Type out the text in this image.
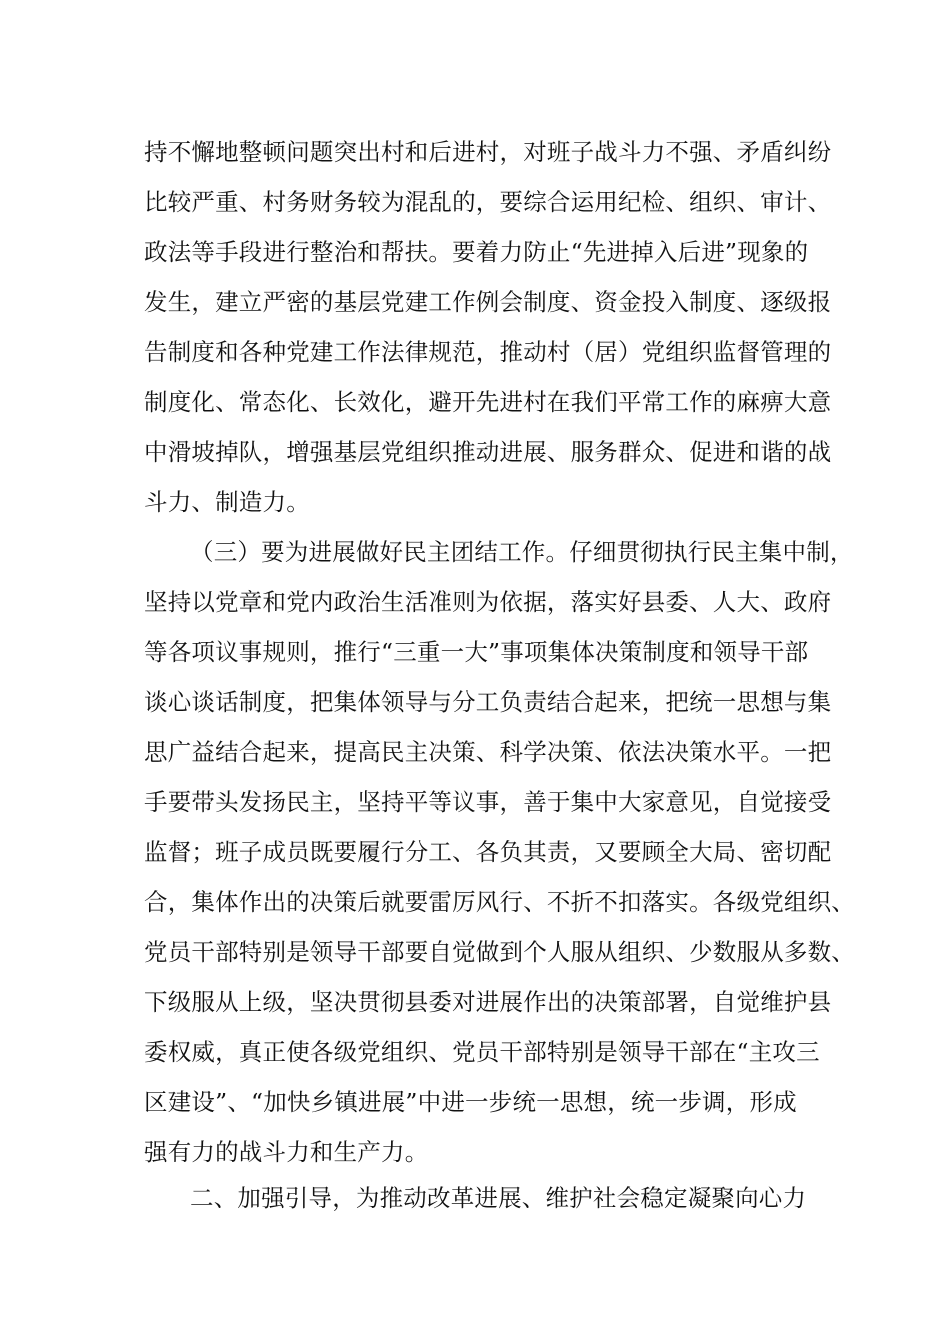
持不懈地整顿问题突出村和后进村，对班子战斗力不强、矛盾纠纷
比较严重、村务财务较为混乱的，要综合运用纪检、组织、审计、
政法等手段进行整治和帮扶。要着力防止“先进掉入后进”现象的
发生，建立严密的基层党建工作例会制度、资金投入制度、逐级报
告制度和各种党建工作法律规范，推动村（居）党组织监督管理的
制度化、常态化、长效化，避开先进村在我们平常工作的麻痹大意
中滑坡掉队，增强基层党组织推动进展、服务群众、促进和谐的战
斗力、制造力。
（三）要为进展做好民主团结工作。仔细贯彻执行民主集中制，
坚持以党章和党内政治生活准则为依据，落实好县委、人大、政府
等各项议事规则，推行“三重一大”事项集体决策制度和领导干部
谈心谈话制度，把集体领导与分工负责结合起来，把统一思想与集
思广益结合起来，提高民主决策、科学决策、依法决策水平。一把
手要带头发扬民主，坚持平等议事，善于集中大家意见，自觉接受
监督；班子成员既要履行分工、各负其责，又要顾全大局、密切配
合，集体作出的决策后就要雷厉风行、不折不扣落实。各级党组织、
党员干部特别是领导干部要自觉做到个人服从组织、少数服从多数、
下级服从上级，坚决贯彻县委对进展作出的决策部署，自觉维护县
委权威，真正使各级党组织、党员干部特别是领导干部在“主攻三
区建设”、“加快乡镇进展”中进一步统一思想，统一步调，形成
强有力的战斗力和生产力。
二、加强引导，为推动改革进展、维护社会稳定凝聚向心力
